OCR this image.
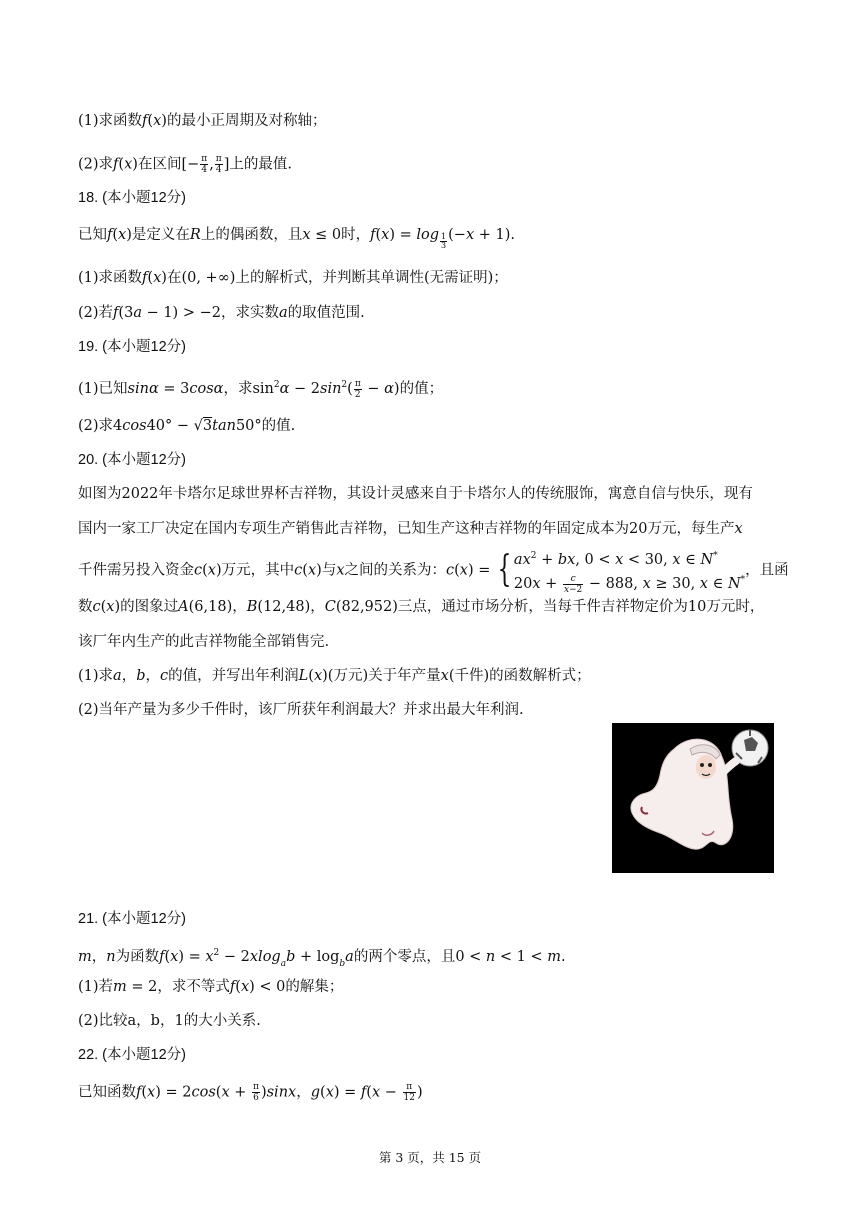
(1)求函数f(x)的最小正周期及对称轴；
(2)求f(x)在区间[− $\frac{\pi}{4}$ , $\frac{\pi}{4}$ ]上的最值.
18. (本小题12分)
已知f(x)是定义在R上的偶函数，且x ≤ 0时，f(x) = log $_{\frac{1}{3}}$ (−x + 1).
(1)求函数f(x)在(0, +∞)上的解析式，并判断其单调性(无需证明)；
(2)若f(3a − 1) > −2，求实数a的取值范围.
19. (本小题12分)
(1)已知sinα = 3cosα，求$\sin^2\alpha - 2\sin^2( \frac{\pi}{2} - \alpha)$的值；
(2)求4cos40° − √3tan50°的值.
20. (本小题12分)
如图为2022年卡塔尔足球世界杯吉祥物，其设计灵感来自于卡塔尔人的传统服饰，寓意自信与快乐，现有
国内一家工厂决定在国内专项生产销售此吉祥物，已知生产这种吉祥物的年固定成本为20万元，每生产x
千件需另投入资金c(x)万元，其中c(x)与x之间的关系为：c(x) = { $ax^2$ + bx, 0 < x < 30, x ∈ N*
$20x + \frac{c}{x-2} - 888$, x ≥ 30, x ∈ N*
，且函
数c(x)的图象过A(6,18)，B(12,48)，C(82,952)三点，通过市场分析，当每千件吉祥物定价为10万元时，
该厂年内生产的此吉祥物能全部销售完.
(1)求a，b，c的值，并写出年利润L(x)(万元)关于年产量x(千件)的函数解析式；
(2)当年产量为多少千件时，该厂所获年利润最大？并求出最大年利润.
21. (本小题12分)
m，n为函数$f(x) = x^2 - 2xlog_ab + \log_ba$的两个零点，且0 < n < 1 < m.
(1)若m = 2，求不等式f(x) < 0的解集；
(2)比较a，b，1的大小关系.
22. (本小题12分)
已知函数$f(x) = 2\cos(x + \frac{\pi}{6} )\sin x$，$g(x) = f(x - \frac{\pi}{12}$ )
第 3 页，共 15 页
